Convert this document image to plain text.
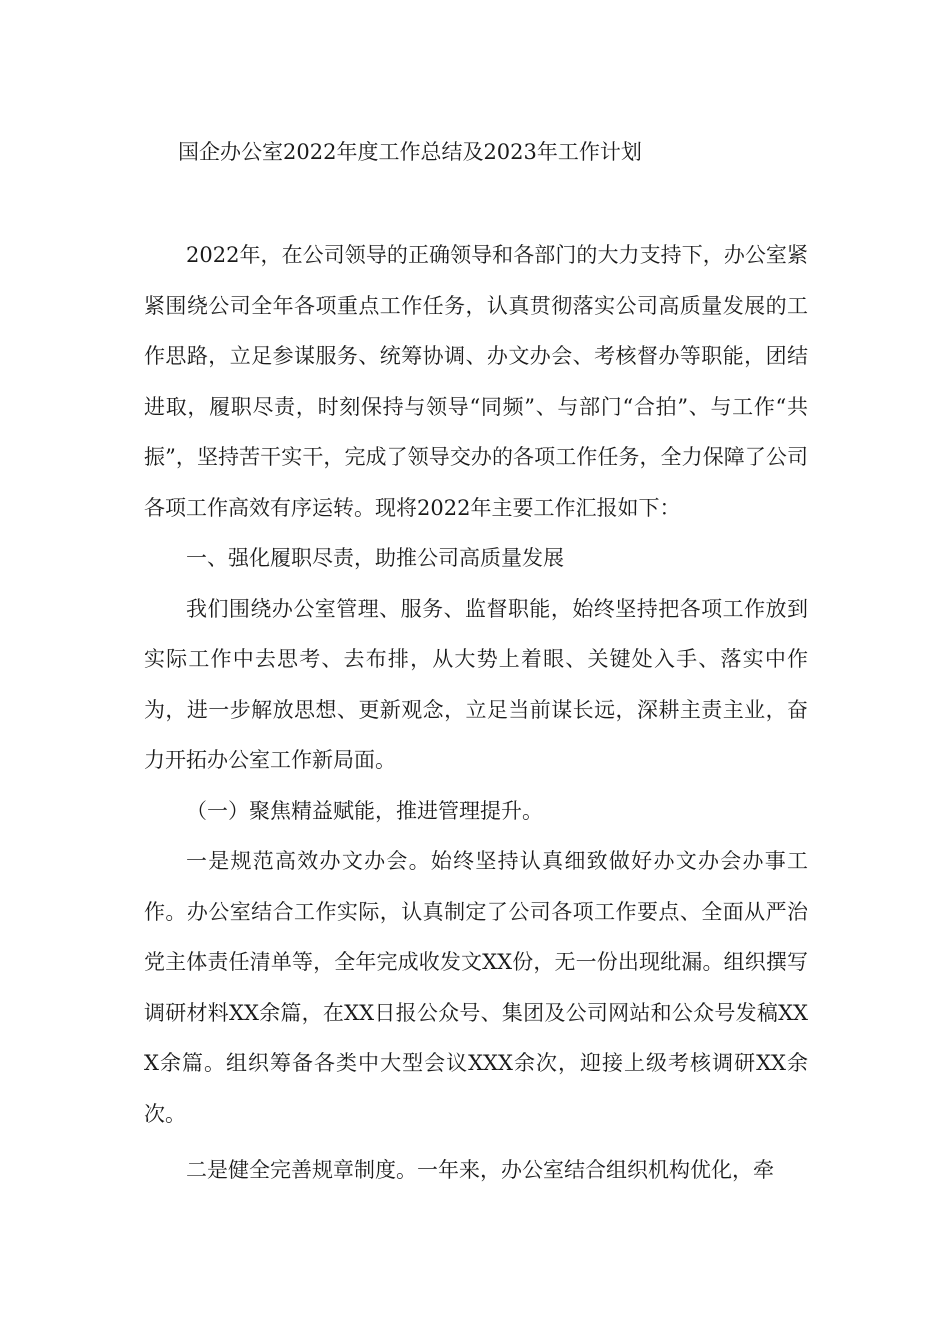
国企办公室2022年度工作总结及2023年工作计划

2022年，在公司领导的正确领导和各部门的大力支持下，办公室紧紧围绕公司全年各项重点工作任务，认真贯彻落实公司高质量发展的工作思路，立足参谋服务、统筹协调、办文办会、考核督办等职能，团结进取，履职尽责，时刻保持与领导“同频”、与部门“合拍”、与工作“共振”，坚持苦干实干，完成了领导交办的各项工作任务，全力保障了公司各项工作高效有序运转。现将2022年主要工作汇报如下：

一、强化履职尽责，助推公司高质量发展

我们围绕办公室管理、服务、监督职能，始终坚持把各项工作放到实际工作中去思考、去布排，从大势上着眼、关键处入手、落实中作为，进一步解放思想、更新观念，立足当前谋长远，深耕主责主业，奋力开拓办公室工作新局面。

（一）聚焦精益赋能，推进管理提升。

一是规范高效办文办会。始终坚持认真细致做好办文办会办事工作。办公室结合工作实际，认真制定了公司各项工作要点、全面从严治党主体责任清单等，全年完成收发文XX份，无一份出现纰漏。组织撰写调研材料XX余篇，在XX日报公众号、集团及公司网站和公众号发稿XXX余篇。组织筹备各类中大型会议XXX余次，迎接上级考核调研XX余次。

二是健全完善规章制度。一年来，办公室结合组织机构优化，牵
